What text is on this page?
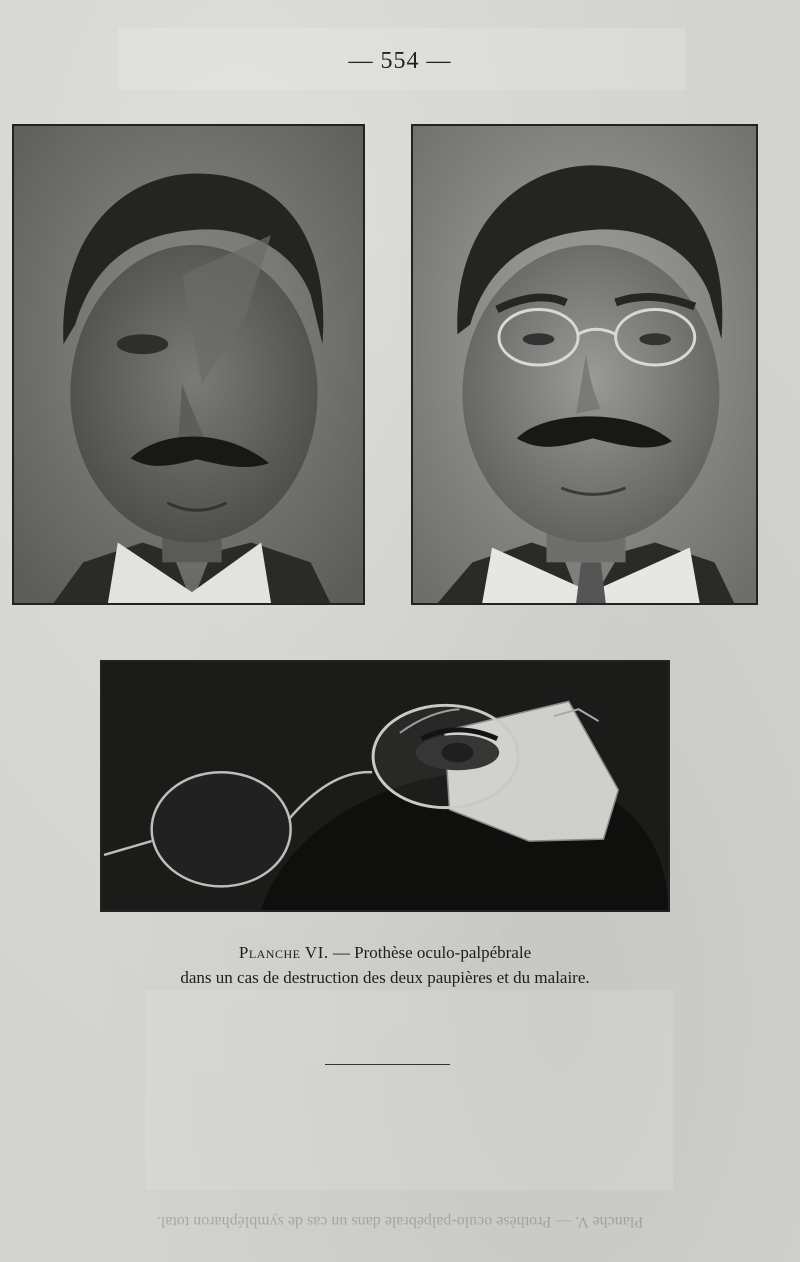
— 554 —
Planche VI. — Prothèse oculo-palpébrale
dans un cas de destruction des deux paupières et du malaire.
Planche V. — Prothèse oculo-palpébrale dans un cas de symblépharon total.
